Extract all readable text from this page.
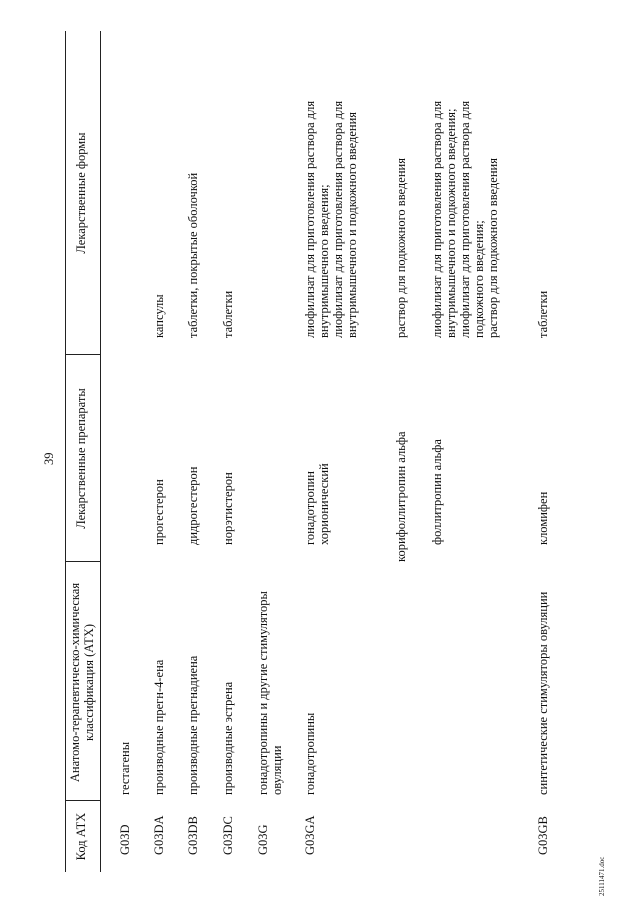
39
Код АТХ
Анатомо-терапевтическо-химическая классификация (АТХ)
Лекарственные препараты
Лекарственные формы
G03D
гестагены
G03DA
производные прегн-4-ена
прогестерон
капсулы
G03DB
производные прегнадиена
дидрогестерон
таблетки, покрытые оболочкой
G03DC
производные эстрена
норэтистерон
таблетки
G03G
гонадотропины и другие стимуляторы овуляции
G03GA
гонадотропины
гонадотропин хорионический
лиофилизат для приготовления раствора для внутримышечного введения; лиофилизат для приготовления раствора для внутримышечного и подкожного введения
корифоллитропин альфа
раствор для подкожного введения
фоллитропин альфа
лиофилизат для приготовления раствора для внутримышечного и подкожного введения; лиофилизат для приготовления раствора для подкожного введения; раствор для подкожного введения
G03GB
синтетические стимуляторы овуляции
кломифен
таблетки
25111471.doc
